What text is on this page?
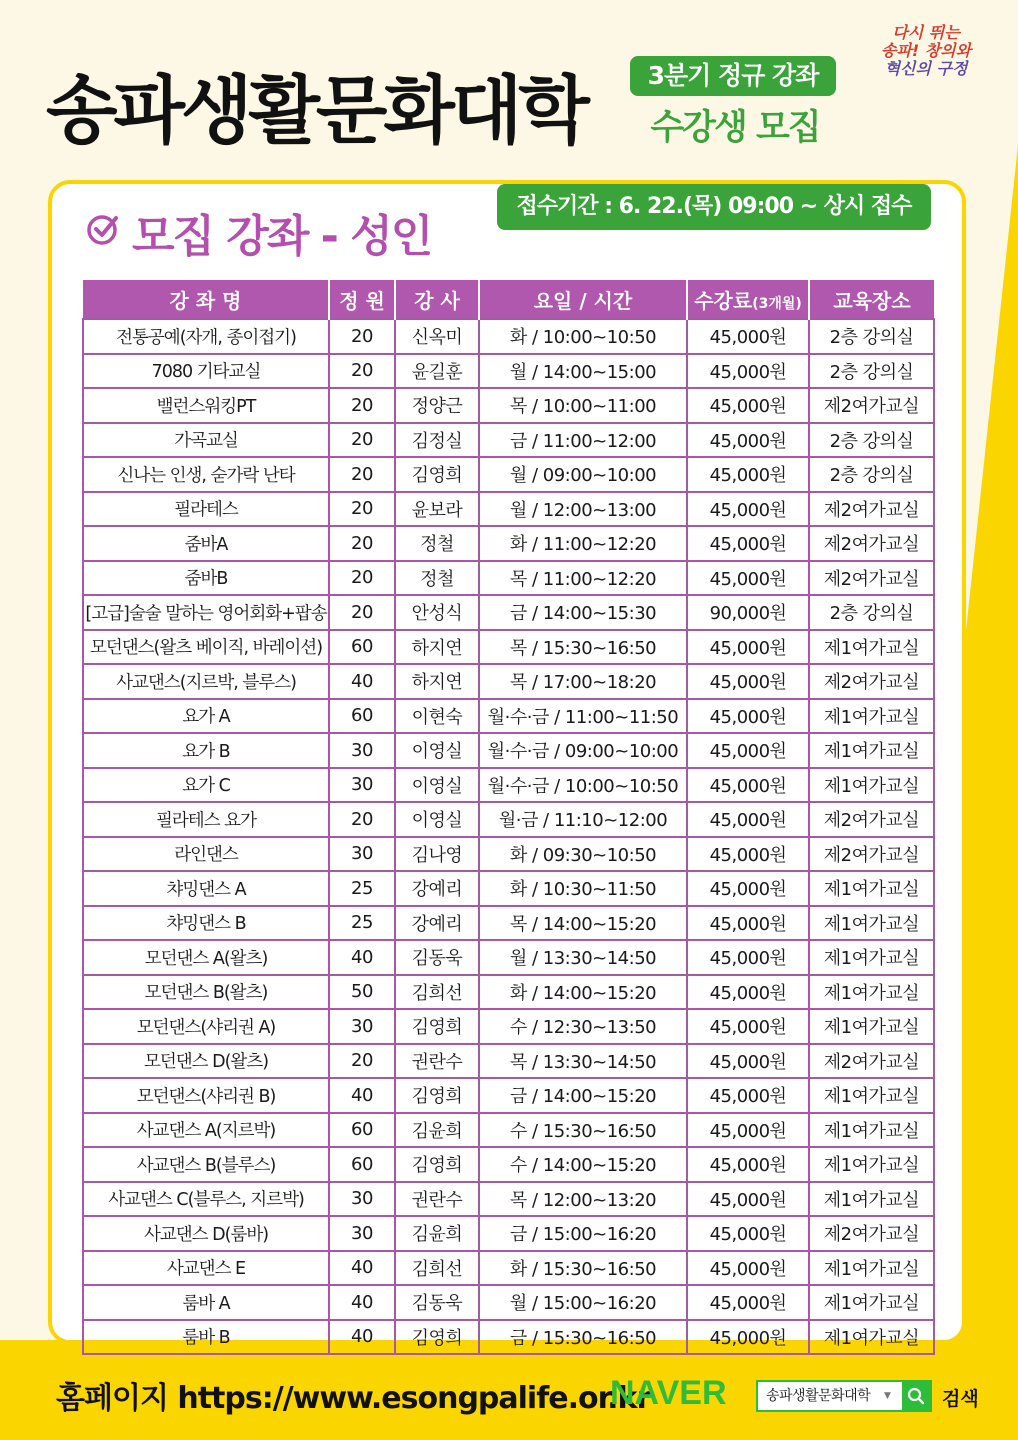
송파생활문화대학	3분기 정규 강좌
수강생 모집
다시 뛰는
송파! 창의와
혁신의 구정
모집 강좌 - 성인
접수기간 : 6. 22.(목) 09:00 ~ 상시 접수
강 좌 명	정 원	강 사	요일 / 시간	수강료(3개월)	교육장소
전통공예(자개, 종이접기)	20	신옥미	화 / 10:00~10:50	45,000원	2층 강의실
7080 기타교실	20	윤길훈	월 / 14:00~15:00	45,000원	2층 강의실
밸런스워킹PT	20	정양근	목 / 10:00~11:00	45,000원	제2여가교실
가곡교실	20	김정실	금 / 11:00~12:00	45,000원	2층 강의실
신나는 인생, 숟가락 난타	20	김영희	월 / 09:00~10:00	45,000원	2층 강의실
필라테스	20	윤보라	월 / 12:00~13:00	45,000원	제2여가교실
줌바A	20	정철	화 / 11:00~12:20	45,000원	제2여가교실
줌바B	20	정철	목 / 11:00~12:20	45,000원	제2여가교실
[고급]술술 말하는 영어회화+팝송	20	안성식	금 / 14:00~15:30	90,000원	2층 강의실
모던댄스(왈츠 베이직, 바레이션)	60	하지연	목 / 15:30~16:50	45,000원	제1여가교실
사교댄스(지르박, 블루스)	40	하지연	목 / 17:00~18:20	45,000원	제2여가교실
요가 A	60	이현숙	월·수·금 / 11:00~11:50	45,000원	제1여가교실
요가 B	30	이영실	월·수·금 / 09:00~10:00	45,000원	제1여가교실
요가 C	30	이영실	월·수·금 / 10:00~10:50	45,000원	제1여가교실
필라테스 요가	20	이영실	월·금 / 11:10~12:00	45,000원	제2여가교실
라인댄스	30	김나영	화 / 09:30~10:50	45,000원	제2여가교실
챠밍댄스 A	25	강예리	화 / 10:30~11:50	45,000원	제1여가교실
챠밍댄스 B	25	강예리	목 / 14:00~15:20	45,000원	제1여가교실
모던댄스 A(왈츠)	40	김동욱	월 / 13:30~14:50	45,000원	제1여가교실
모던댄스 B(왈츠)	50	김희선	화 / 14:00~15:20	45,000원	제1여가교실
모던댄스(샤리권 A)	30	김영희	수 / 12:30~13:50	45,000원	제1여가교실
모던댄스 D(왈츠)	20	권란수	목 / 13:30~14:50	45,000원	제2여가교실
모던댄스(샤리권 B)	40	김영희	금 / 14:00~15:20	45,000원	제1여가교실
사교댄스 A(지르박)	60	김윤희	수 / 15:30~16:50	45,000원	제1여가교실
사교댄스 B(블루스)	60	김영희	수 / 14:00~15:20	45,000원	제1여가교실
사교댄스 C(블루스, 지르박)	30	권란수	목 / 12:00~13:20	45,000원	제1여가교실
사교댄스 D(룸바)	30	김윤희	금 / 15:00~16:20	45,000원	제2여가교실
사교댄스 E	40	김희선	화 / 15:30~16:50	45,000원	제1여가교실
룸바 A	40	김동욱	월 / 15:00~16:20	45,000원	제1여가교실
룸바 B	40	김영희	금 / 15:30~16:50	45,000원	제1여가교실
홈페이지 https://www.esongpalife.or.kr
NAVER	송파생활문화대학 ▼	검색
